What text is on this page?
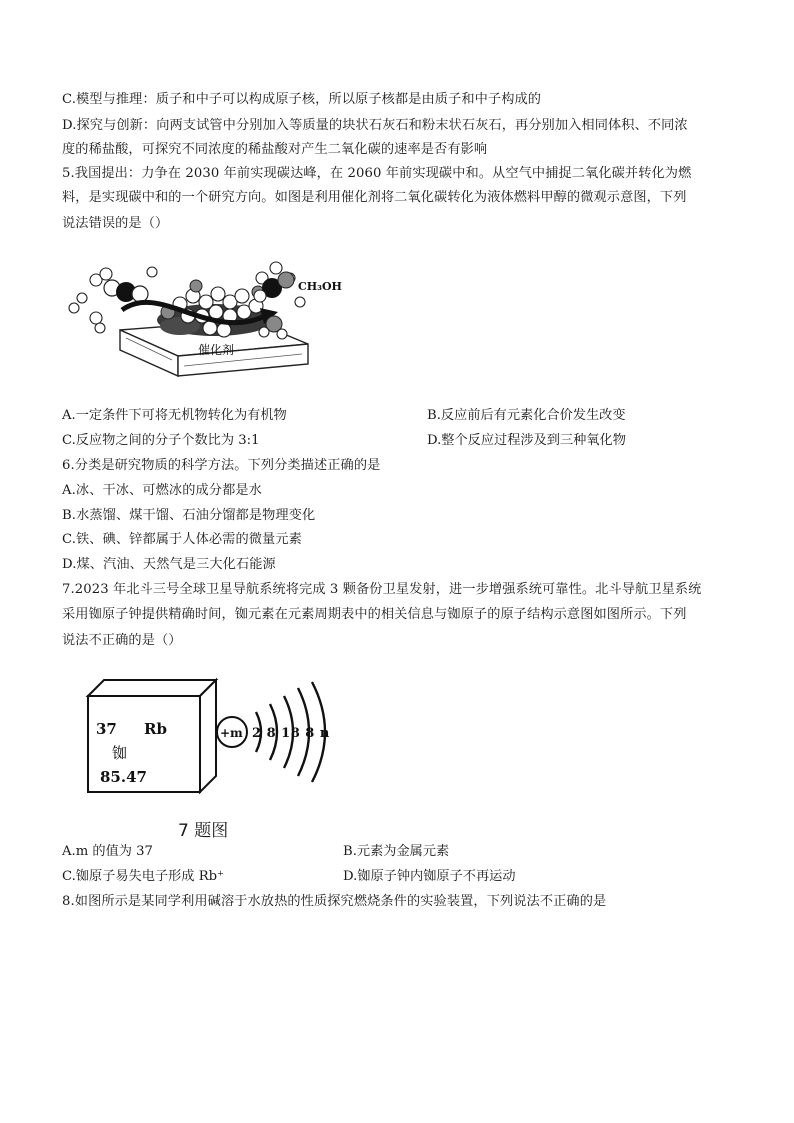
C.模型与推理：质子和中子可以构成原子核，所以原子核都是由质子和中子构成的
D.探究与创新：向两支试管中分别加入等质量的块状石灰石和粉末状石灰石，再分别加入相同体积、不同浓
度的稀盐酸，可探究不同浓度的稀盐酸对产生二氧化碳的速率是否有影响
5.我国提出：力争在 2030 年前实现碳达峰，在 2060 年前实现碳中和。从空气中捕捉二氧化碳并转化为燃
料，是实现碳中和的一个研究方向。如图是利用催化剂将二氧化碳转化为液体燃料甲醇的微观示意图，下列
说法错误的是（）
催化剂
CH₃OH
A.一定条件下可将无机物转化为有机物	B.反应前后有元素化合价发生改变
C.反应物之间的分子个数比为 3:1	D.整个反应过程涉及到三种氧化物
6.分类是研究物质的科学方法。下列分类描述正确的是
A.冰、干冰、可燃冰的成分都是水
B.水蒸馏、煤干馏、石油分馏都是物理变化
C.铁、碘、锌都属于人体必需的微量元素
D.煤、汽油、天然气是三大化石能源
7.2023 年北斗三号全球卫星导航系统将完成 3 颗备份卫星发射，进一步增强系统可靠性。北斗导航卫星系统
采用铷原子钟提供精确时间，铷元素在元素周期表中的相关信息与铷原子的原子结构示意图如图所示。下列
说法不正确的是（）
37 Rb
铷
85.47
+m 2 8 18 8 n
7 题图
A.m 的值为 37	B.元素为金属元素
C.铷原子易失电子形成 Rb⁺	D.铷原子钟内铷原子不再运动
8.如图所示是某同学利用碱溶于水放热的性质探究燃烧条件的实验装置，下列说法不正确的是
